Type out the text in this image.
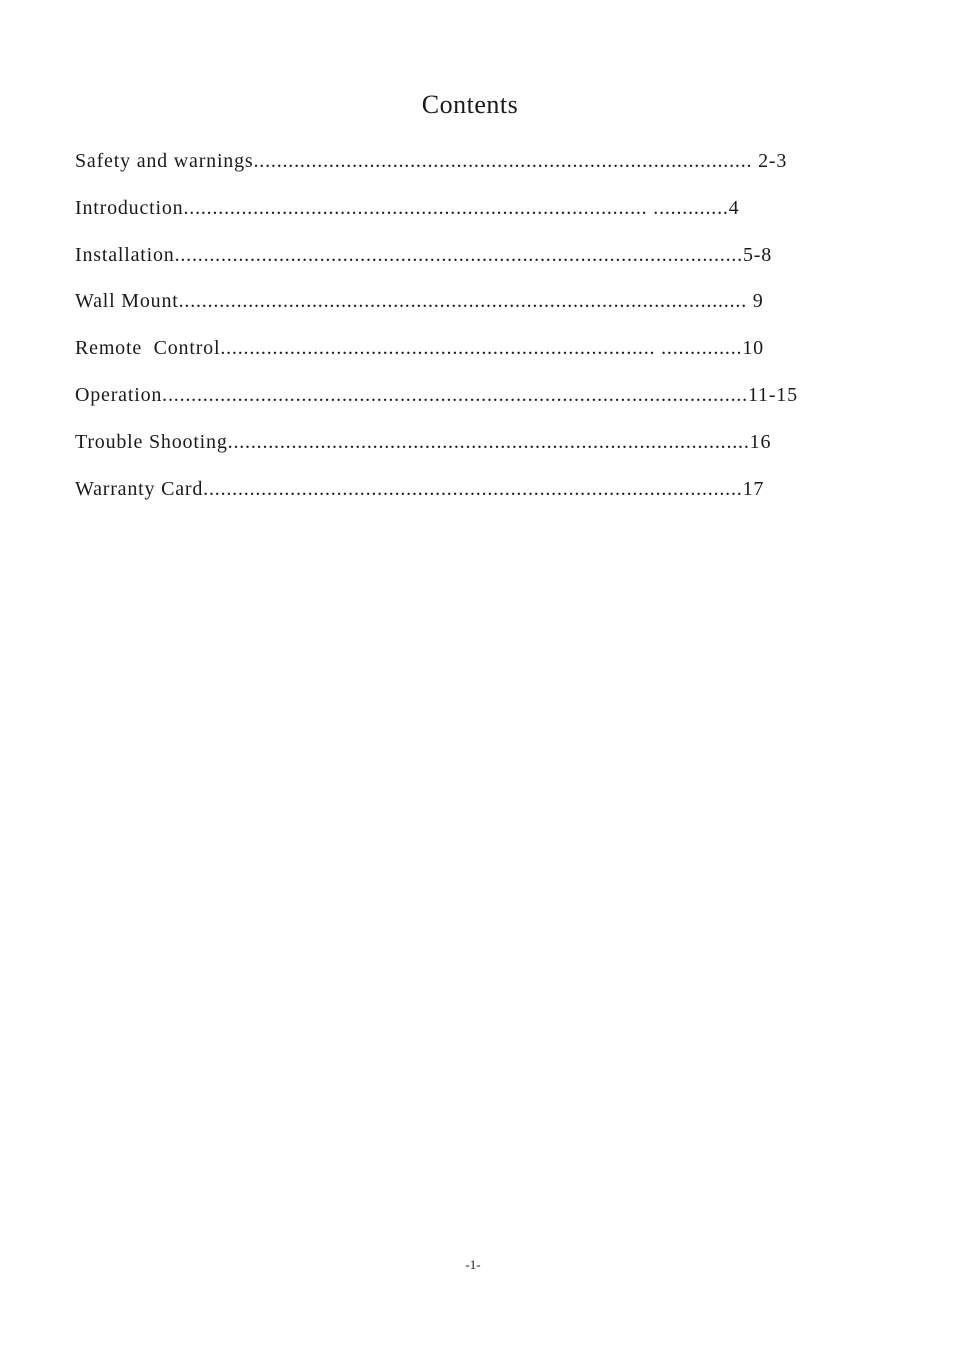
Contents
Safety and warnings...................................................................................... 2-3
Introduction................................................................................ .............4
Installation..................................................................................................5-8
Wall Mount.................................................................................................. 9
Remote  Control........................................................................... ..............10
Operation.....................................................................................................11-15
Trouble Shooting..........................................................................................16
Warranty Card.............................................................................................17
-1-
